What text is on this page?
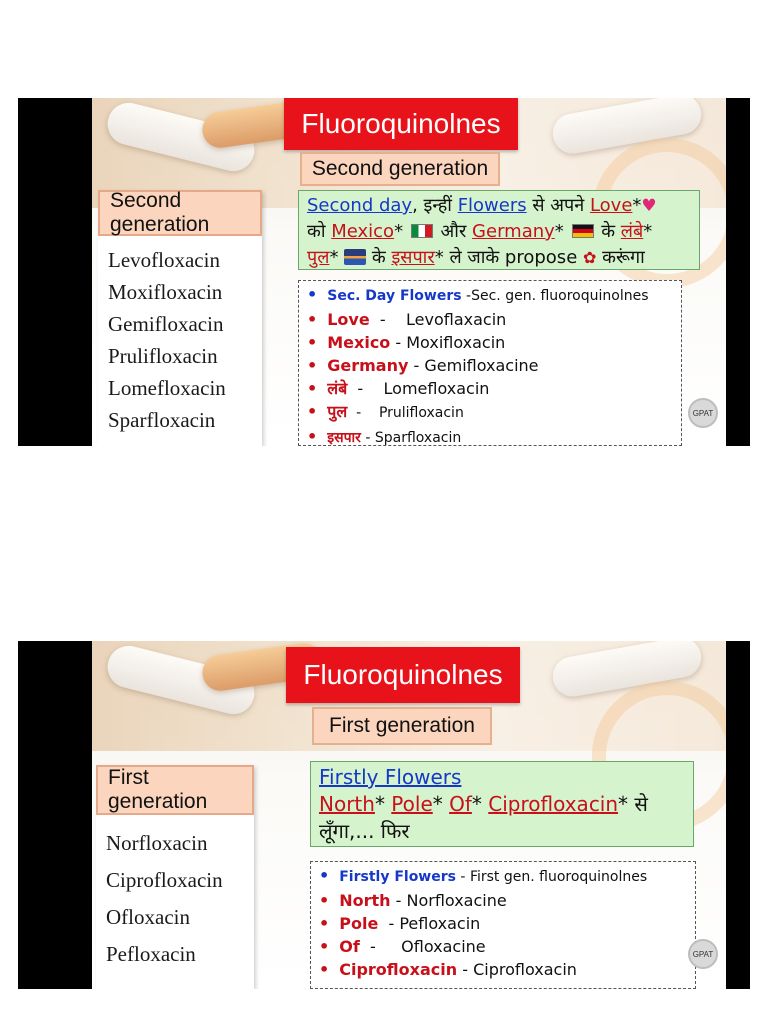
Fluoroquinolnes
Second generation
Second generation
Levofloxacin
Moxifloxacin
Gemifloxacin
Prulifloxacin
Lomefloxacin
Sparfloxacin
Second day, इन्हीं Flowers से अपने Love*♥
को Mexico*  और Germany*  के लंबे*
पुल*  के इसपार* ले जाके propose ✿ करूंगा
• Sec. Day Flowers -Sec. gen. fluoroquinolnes
• Love  -    Levoflaxacin
• Mexico - Moxifloxacin
• Germany - Gemifloxacine
• लंबे  -    Lomefloxacin
• पुल  -    Prulifloxacin
• इसपार - Sparfloxacin
GPAT
Fluoroquinolnes
First generation
First generation
Norfloxacin
Ciprofloxacin
Ofloxacin
Pefloxacin
Firstly Flowers
North* Pole* Of* Ciprofloxacin* से
लूँगा,... फिर
• Firstly Flowers - First gen. fluoroquinolnes
• North - Norfloxacine
• Pole  - Pefloxacin
• Of  -     Ofloxacine
• Ciprofloxacin - Ciprofloxacin
GPAT
